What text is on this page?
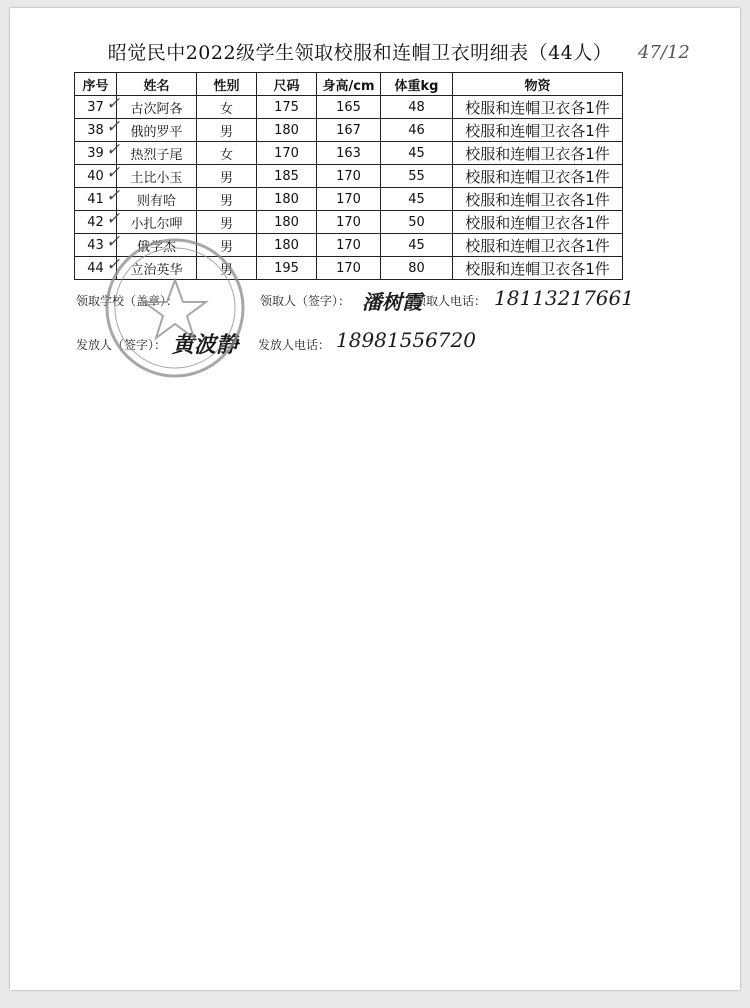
昭觉民中2022级学生领取校服和连帽卫衣明细表（44人）	47/12
序号	姓名	性别	尺码	身高/cm	体重kg	物资
37	古次阿各	女	175	165	48	校服和连帽卫衣各1件
38	俄的罗平	男	180	167	46	校服和连帽卫衣各1件
39	热烈子尾	女	170	163	45	校服和连帽卫衣各1件
40	土比小玉	男	185	170	55	校服和连帽卫衣各1件
41	则有哈	男	180	170	45	校服和连帽卫衣各1件
42	小扎尔呷	男	180	170	50	校服和连帽卫衣各1件
43	俄学杰	男	180	170	45	校服和连帽卫衣各1件
44	立治英华	男	195	170	80	校服和连帽卫衣各1件
领取学校（盖章）：	领取人（签字）： 潘树霞
领取人电话： 18113217661
发放人（签字）： 黄波静 发放人电话： 18981556720
✓
✓
✓
✓
✓
✓
✓
✓
